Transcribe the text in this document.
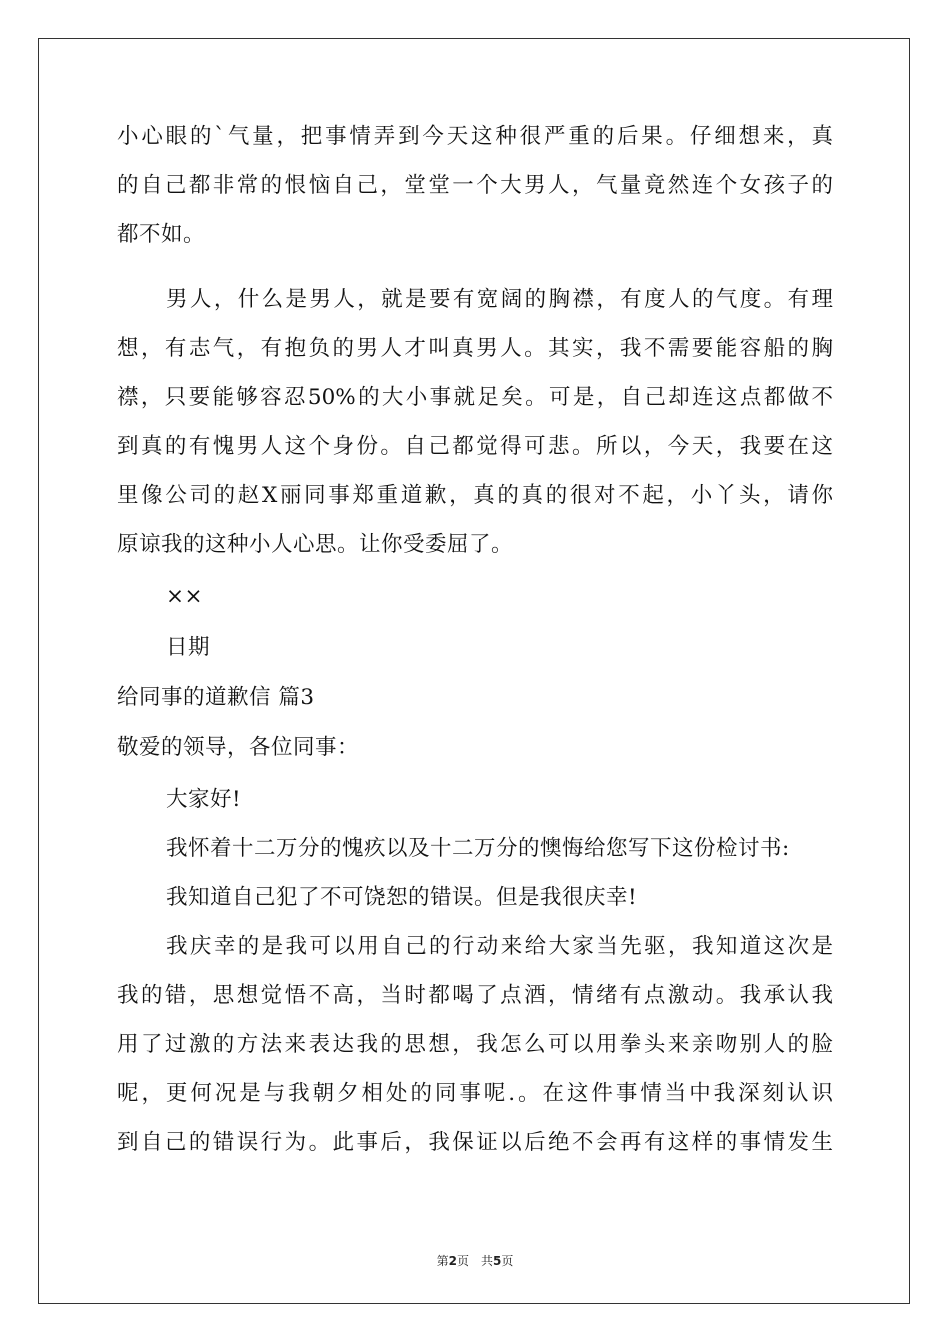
小心眼的`气量，把事情弄到今天这种很严重的后果。仔细想来，真
的自己都非常的恨恼自己，堂堂一个大男人，气量竟然连个女孩子的
都不如。
男人，什么是男人，就是要有宽阔的胸襟，有度人的气度。有理
想，有志气，有抱负的男人才叫真男人。其实，我不需要能容船的胸
襟，只要能够容忍50%的大小事就足矣。可是，自己却连这点都做不
到真的有愧男人这个身份。自己都觉得可悲。所以，今天，我要在这
里像公司的赵X丽同事郑重道歉，真的真的很对不起，小丫头，请你
原谅我的这种小人心思。让你受委屈了。
××
日期
给同事的道歉信 篇3
敬爱的领导，各位同事：
大家好!
我怀着十二万分的愧疚以及十二万分的懊悔给您写下这份检讨书:
我知道自己犯了不可饶恕的错误。但是我很庆幸!
我庆幸的是我可以用自己的行动来给大家当先驱，我知道这次是
我的错，思想觉悟不高，当时都喝了点酒，情绪有点激动。我承认我
用了过激的方法来表达我的思想，我怎么可以用拳头来亲吻别人的脸
呢，更何况是与我朝夕相处的同事呢.。在这件事情当中我深刻认识
到自己的错误行为。此事后，我保证以后绝不会再有这样的事情发生
第2页　共5页
